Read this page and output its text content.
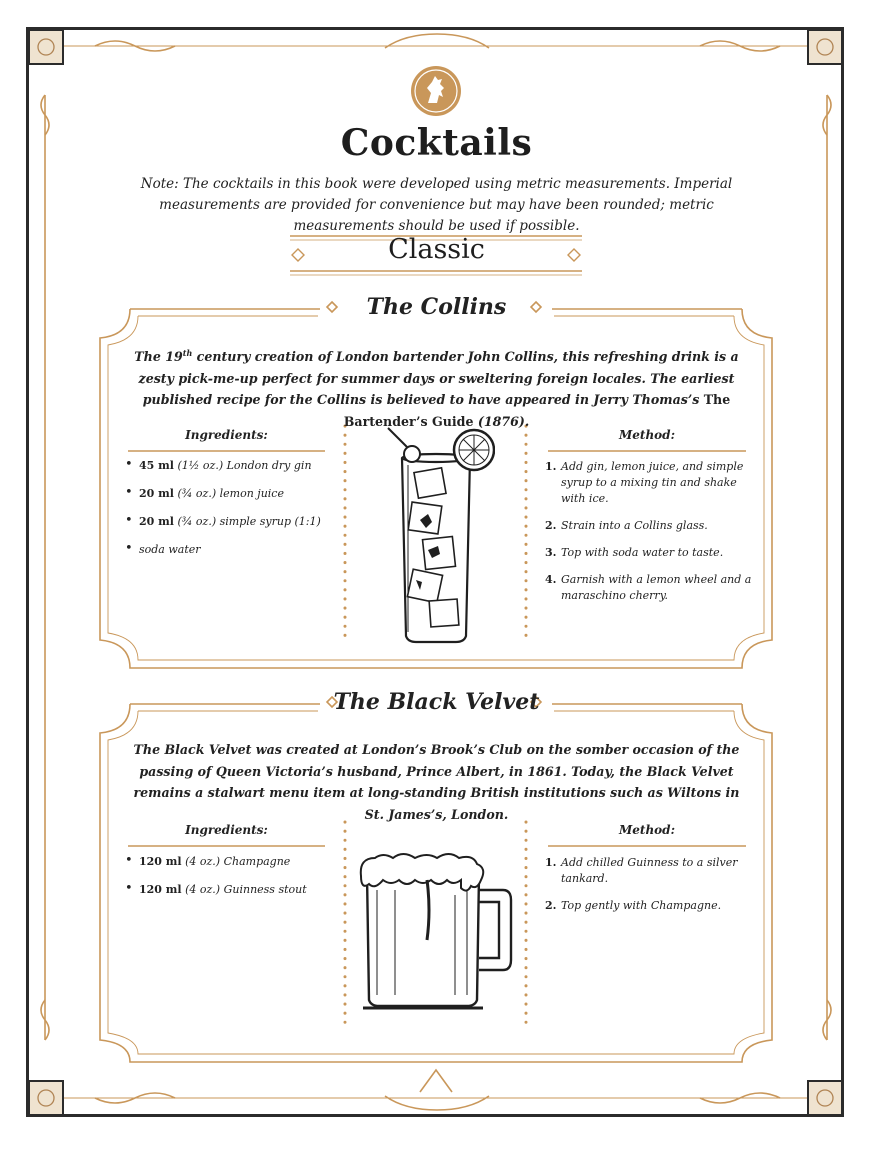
Cocktails
Note: The cocktails in this book were developed using metric measurements. Imperial measurements are provided for convenience but may have been rounded; metric measurements should be used if possible.
Classic
The Collins
The 19th century creation of London bartender John Collins, this refreshing drink is a zesty pick-me-up perfect for summer days or sweltering foreign locales. The earliest published recipe for the Collins is believed to have appeared in Jerry Thomas’s The Bartender’s Guide (1876).
Ingredients:
• 45 ml (1½ oz.) London dry gin
• 20 ml (¾ oz.) lemon juice
• 20 ml (¾ oz.) simple syrup (1:1)
• soda water
Method:
1. Add gin, lemon juice, and simple syrup to a mixing tin and shake with ice.
2. Strain into a Collins glass.
3. Top with soda water to taste.
4. Garnish with a lemon wheel and a maraschino cherry.
The Black Velvet
The Black Velvet was created at London’s Brook’s Club on the somber occasion of the passing of Queen Victoria’s husband, Prince Albert, in 1861. Today, the Black Velvet remains a stalwart menu item at long-standing British institutions such as Wiltons in St. James’s, London.
Ingredients:
• 120 ml (4 oz.) Champagne
• 120 ml (4 oz.) Guinness stout
Method:
1. Add chilled Guinness to a silver tankard.
2. Top gently with Champagne.
